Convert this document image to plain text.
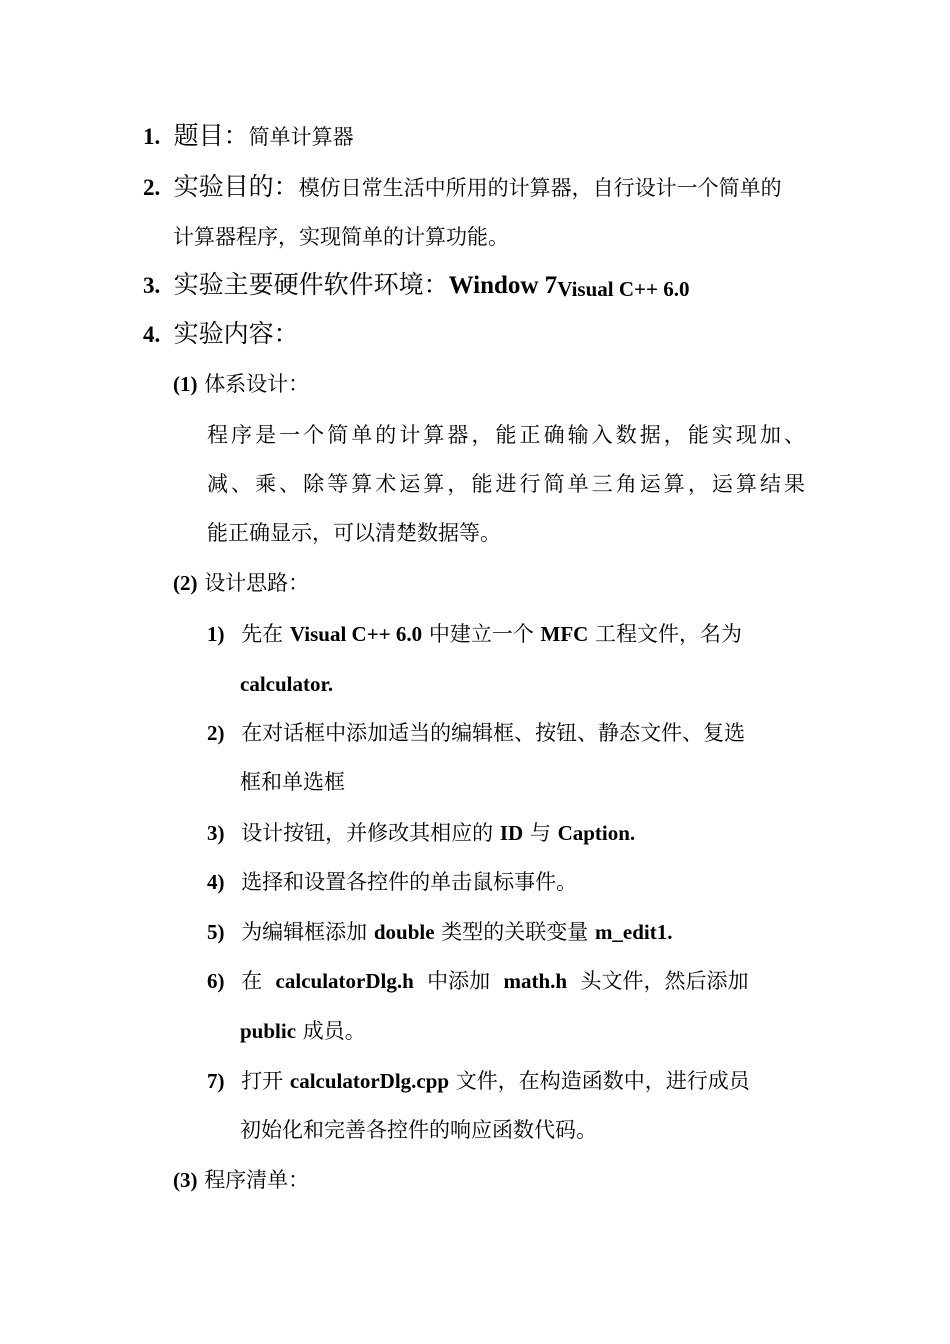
1. 题目：简单计算器
2. 实验目的：模仿日常生活中所用的计算器，自行设计一个简单的
计算器程序，实现简单的计算功能。
3. 实验主要硬件软件环境：Window 7Visual C++ 6.0
4. 实验内容：
(1) 体系设计：
程序是一个简单的计算器，能正确输入数据，能实现加、
减、乘、除等算术运算，能进行简单三角运算，运算结果
能正确显示，可以清楚数据等。
(2) 设计思路：
1) 先在 Visual C++ 6.0 中建立一个 MFC 工程文件，名为
calculator.
2) 在对话框中添加适当的编辑框、按钮、静态文件、复选
框和单选框
3) 设计按钮，并修改其相应的 ID 与 Caption.
4) 选择和设置各控件的单击鼠标事件。
5) 为编辑框添加 double 类型的关联变量 m_edit1.
6) 在  calculatorDlg.h  中添加  math.h  头文件，然后添加
public 成员。
7) 打开 calculatorDlg.cpp 文件，在构造函数中，进行成员
初始化和完善各控件的响应函数代码。
(3) 程序清单：
